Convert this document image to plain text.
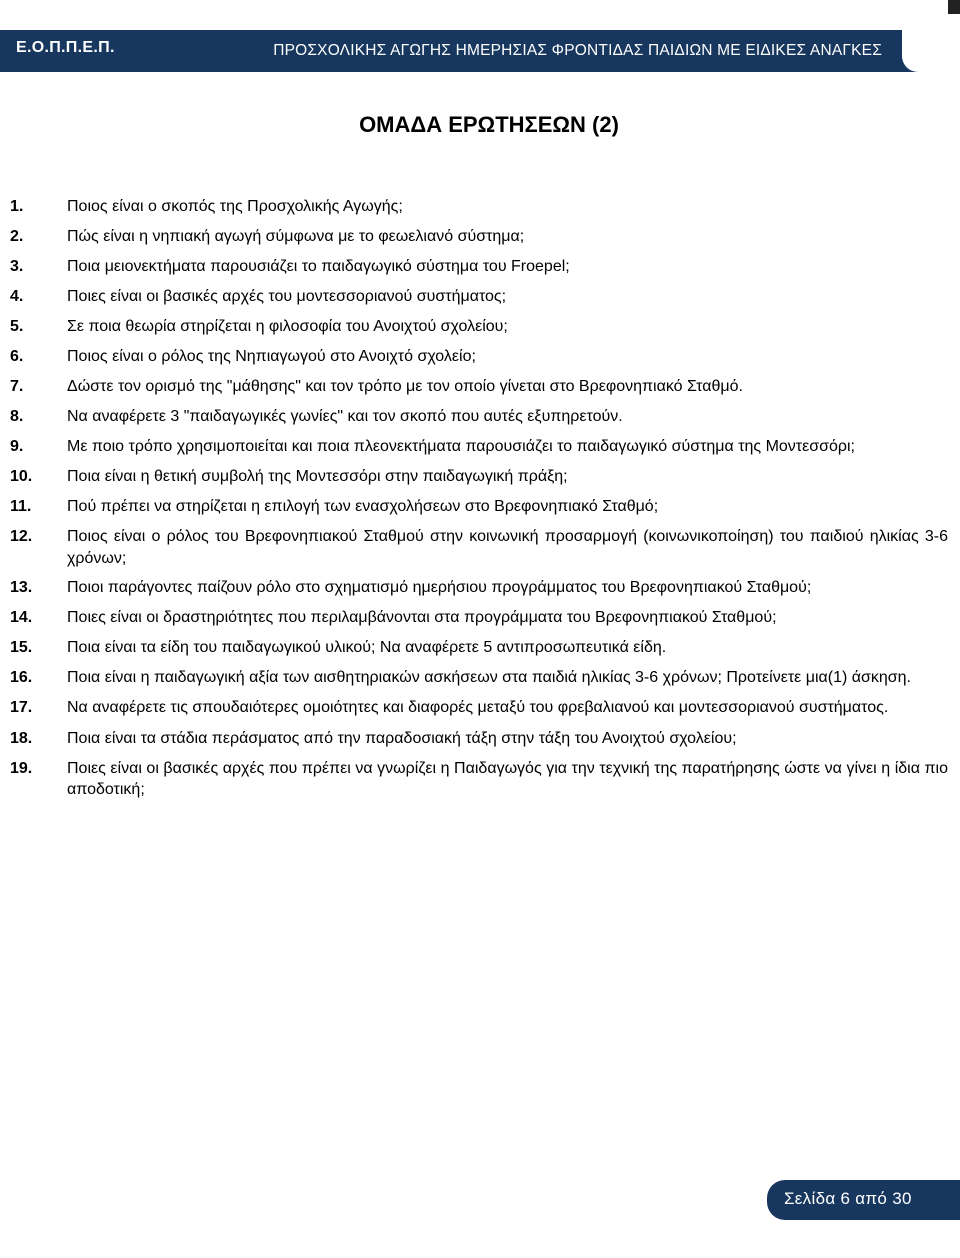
Ε.Ο.Π.Π.Ε.Π.	ΠΡΟΣΧΟΛΙΚΗΣ ΑΓΩΓΗΣ ΗΜΕΡΗΣΙΑΣ ΦΡΟΝΤΙΔΑΣ ΠΑΙΔΙΩΝ ΜΕ ΕΙΔΙΚΕΣ ΑΝΑΓΚΕΣ
ΟΜΑΔΑ ΕΡΩΤΗΣΕΩΝ (2)
1.	Ποιος είναι ο σκοπός της Προσχολικής Αγωγής;
2.	Πώς είναι η νηπιακή αγωγή σύμφωνα με το φεωελιανό σύστημα;
3.	Ποια μειονεκτήματα παρουσιάζει το παιδαγωγικό σύστημα του Froepel;
4.	Ποιες είναι οι βασικές αρχές του μοντεσσοριανού συστήματος;
5.	Σε ποια θεωρία στηρίζεται η φιλοσοφία του Ανοιχτού σχολείου;
6.	Ποιος είναι ο ρόλος της Νηπιαγωγού στο Ανοιχτό σχολείο;
7.	Δώστε τον ορισμό της "μάθησης" και τον τρόπο με τον οποίο γίνεται στο Βρεφονηπιακό Σταθμό.
8.	Να αναφέρετε 3 "παιδαγωγικές γωνίες" και τον σκοπό που αυτές εξυπηρετούν.
9.	Με ποιο τρόπο χρησιμοποιείται και ποια πλεονεκτήματα παρουσιάζει το παιδαγωγικό σύστημα της Μοντεσσόρι;
10.	Ποια είναι η θετική συμβολή της Μοντεσσόρι στην παιδαγωγική πράξη;
11.	Πού πρέπει να στηρίζεται η επιλογή των ενασχολήσεων στο Βρεφονηπιακό Σταθμό;
12.	Ποιος είναι ο ρόλος του Βρεφονηπιακού Σταθμού στην κοινωνική προσαρμογή (κοινωνικοποίηση) του παιδιού ηλικίας 3-6 χρόνων;
13.	Ποιοι παράγοντες παίζουν ρόλο στο σχηματισμό ημερήσιου προγράμματος του Βρεφονηπιακού Σταθμού;
14.	Ποιες είναι οι δραστηριότητες που περιλαμβάνονται στα προγράμματα του Βρεφονηπιακού Σταθμού;
15.	Ποια είναι τα είδη του παιδαγωγικού υλικού; Να αναφέρετε 5 αντιπροσωπευτικά είδη.
16.	Ποια είναι η παιδαγωγική αξία των αισθητηριακών ασκήσεων στα παιδιά ηλικίας 3-6 χρόνων; Προτείνετε μια(1) άσκηση.
17.	Να αναφέρετε τις σπουδαιότερες ομοιότητες και διαφορές μεταξύ του φρεβαλιανού και μοντεσσοριανού συστήματος.
18.	Ποια είναι τα στάδια περάσματος από την παραδοσιακή τάξη στην τάξη του Ανοιχτού σχολείου;
19.	Ποιες είναι οι βασικές αρχές που πρέπει να γνωρίζει η Παιδαγωγός για την τεχνική της παρατήρησης ώστε να γίνει η ίδια πιο αποδοτική;
Σελίδα 6 από 30
